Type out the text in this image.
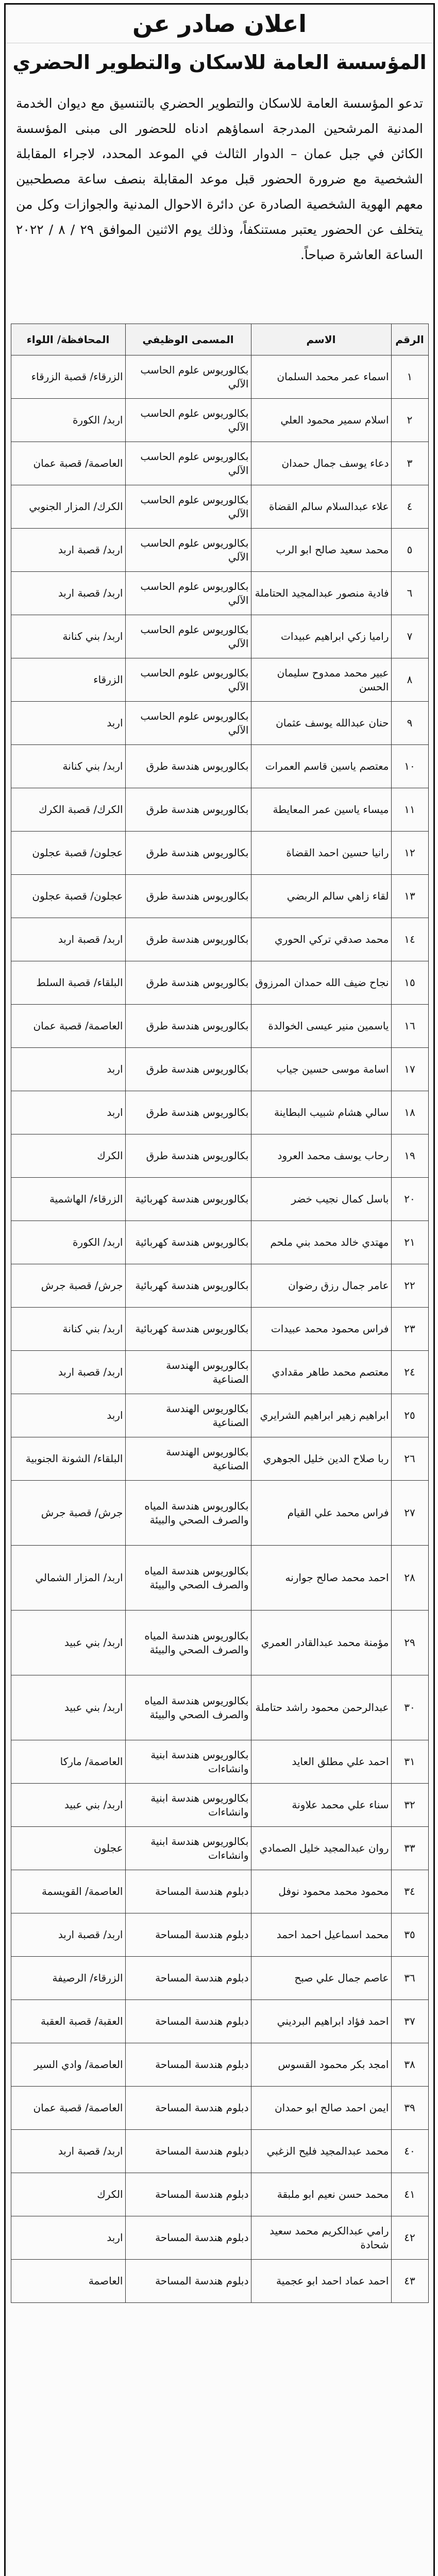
اعلان صادر عن
المؤسسة العامة للاسكان والتطوير الحضري
تدعو المؤسسة العامة للاسكان والتطوير الحضري بالتنسيق مع ديوان الخدمة المدنية المرشحين المدرجة اسماؤهم ادناه للحضور الى مبنى المؤسسة الكائن في جبل عمان – الدوار الثالث في الموعد المحدد، لاجراء المقابلة الشخصية مع ضرورة الحضور قبل موعد المقابلة بنصف ساعة مصطحبين معهم الهوية الشخصية الصادرة عن دائرة الاحوال المدنية والجوازات وكل من يتخلف عن الحضور يعتبر مستنكفاً، وذلك يوم الاثنين الموافق ٢٩ / ٨ / ٢٠٢٢ الساعة العاشرة صباحاً.
الرقم	الاسم	المسمى الوظيفي	المحافظة/ اللواء
١	اسماء عمر محمد السلمان	بكالوريوس علوم الحاسب الآلي	الزرقاء/ قصبة الزرقاء
٢	اسلام سمير محمود العلي	بكالوريوس علوم الحاسب الآلي	اربد/ الكورة
٣	دعاء يوسف جمال حمدان	بكالوريوس علوم الحاسب الآلي	العاصمة/ قصبة عمان
٤	علاء عبدالسلام سالم القضاة	بكالوريوس علوم الحاسب الآلي	الكرك/ المزار الجنوبي
٥	محمد سعيد صالح ابو الرب	بكالوريوس علوم الحاسب الآلي	اربد/ قصبة اربد
٦	فادية منصور عبدالمجيد الحتاملة	بكالوريوس علوم الحاسب الآلي	اربد/ قصبة اربد
٧	راميا زكي ابراهيم عبيدات	بكالوريوس علوم الحاسب الآلي	اربد/ بني كنانة
٨	عبير محمد ممدوح سليمان الحسن	بكالوريوس علوم الحاسب الآلي	الزرقاء
٩	حنان عبدالله يوسف عثمان	بكالوريوس علوم الحاسب الآلي	اربد
١٠	معتصم ياسين قاسم العمرات	بكالوريوس هندسة طرق	اربد/ بني كنانة
١١	ميساء ياسين عمر المعايطة	بكالوريوس هندسة طرق	الكرك/ قصبة الكرك
١٢	رانيا حسين احمد القضاة	بكالوريوس هندسة طرق	عجلون/ قصبة عجلون
١٣	لقاء زاهي سالم الربضي	بكالوريوس هندسة طرق	عجلون/ قصبة عجلون
١٤	محمد صدقي تركي الحوري	بكالوريوس هندسة طرق	اربد/ قصبة اربد
١٥	نجاح ضيف الله حمدان المرزوق	بكالوريوس هندسة طرق	البلقاء/ قصبة السلط
١٦	ياسمين منير عيسى الخوالدة	بكالوريوس هندسة طرق	العاصمة/ قصبة عمان
١٧	اسامة موسى حسين جياب	بكالوريوس هندسة طرق	اربد
١٨	سالي هشام شبيب البطاينة	بكالوريوس هندسة طرق	اربد
١٩	رحاب يوسف محمد العرود	بكالوريوس هندسة طرق	الكرك
٢٠	باسل كمال نجيب خضر	بكالوريوس هندسة كهربائية	الزرقاء/ الهاشمية
٢١	مهتدي خالد محمد بني ملحم	بكالوريوس هندسة كهربائية	اربد/ الكورة
٢٢	عامر جمال رزق رضوان	بكالوريوس هندسة كهربائية	جرش/ قصبة جرش
٢٣	فراس محمود محمد عبيدات	بكالوريوس هندسة كهربائية	اربد/ بني كنانة
٢٤	معتصم محمد طاهر مقدادي	بكالوريوس الهندسة الصناعية	اربد/ قصبة اربد
٢٥	ابراهيم زهير ابراهيم الشرايري	بكالوريوس الهندسة الصناعية	اربد
٢٦	ربا صلاح الدين خليل الجوهري	بكالوريوس الهندسة الصناعية	البلقاء/ الشونة الجنوبية
٢٧	فراس محمد علي القيام	بكالوريوس هندسة المياه والصرف الصحي والبيئة	جرش/ قصبة جرش
٢٨	احمد محمد صالح جوارنه	بكالوريوس هندسة المياه والصرف الصحي والبيئة	اربد/ المزار الشمالي
٢٩	مؤمنة محمد عبدالقادر العمري	بكالوريوس هندسة المياه والصرف الصحي والبيئة	اربد/ بني عبيد
٣٠	عبدالرحمن محمود راشد حتاملة	بكالوريوس هندسة المياه والصرف الصحي والبيئة	اربد/ بني عبيد
٣١	احمد علي مطلق العايد	بكالوريوس هندسة ابنية وانشاءات	العاصمة/ ماركا
٣٢	سناء علي محمد علاونة	بكالوريوس هندسة ابنية وانشاءات	اربد/ بني عبيد
٣٣	روان عبدالمجيد خليل الصمادي	بكالوريوس هندسة ابنية وانشاءات	عجلون
٣٤	محمود محمد محمود نوفل	دبلوم هندسة المساحة	العاصمة/ القويسمة
٣٥	محمد اسماعيل احمد احمد	دبلوم هندسة المساحة	اربد/ قصبة اربد
٣٦	عاصم جمال علي صبح	دبلوم هندسة المساحة	الزرقاء/ الرصيفة
٣٧	احمد فؤاد ابراهيم البرديني	دبلوم هندسة المساحة	العقبة/ قصبة العقبة
٣٨	امجد بكر محمود القسوس	دبلوم هندسة المساحة	العاصمة/ وادي السير
٣٩	ايمن احمد صالح ابو حمدان	دبلوم هندسة المساحة	العاصمة/ قصبة عمان
٤٠	محمد عبدالمجيد فليح الزغبي	دبلوم هندسة المساحة	اربد/ قصبة اربد
٤١	محمد حسن نعيم ابو ملبقة	دبلوم هندسة المساحة	الكرك
٤٢	رامي عبدالكريم محمد سعيد شحادة	دبلوم هندسة المساحة	اربد
٤٣	احمد عماد احمد ابو عجمية	دبلوم هندسة المساحة	العاصمة
